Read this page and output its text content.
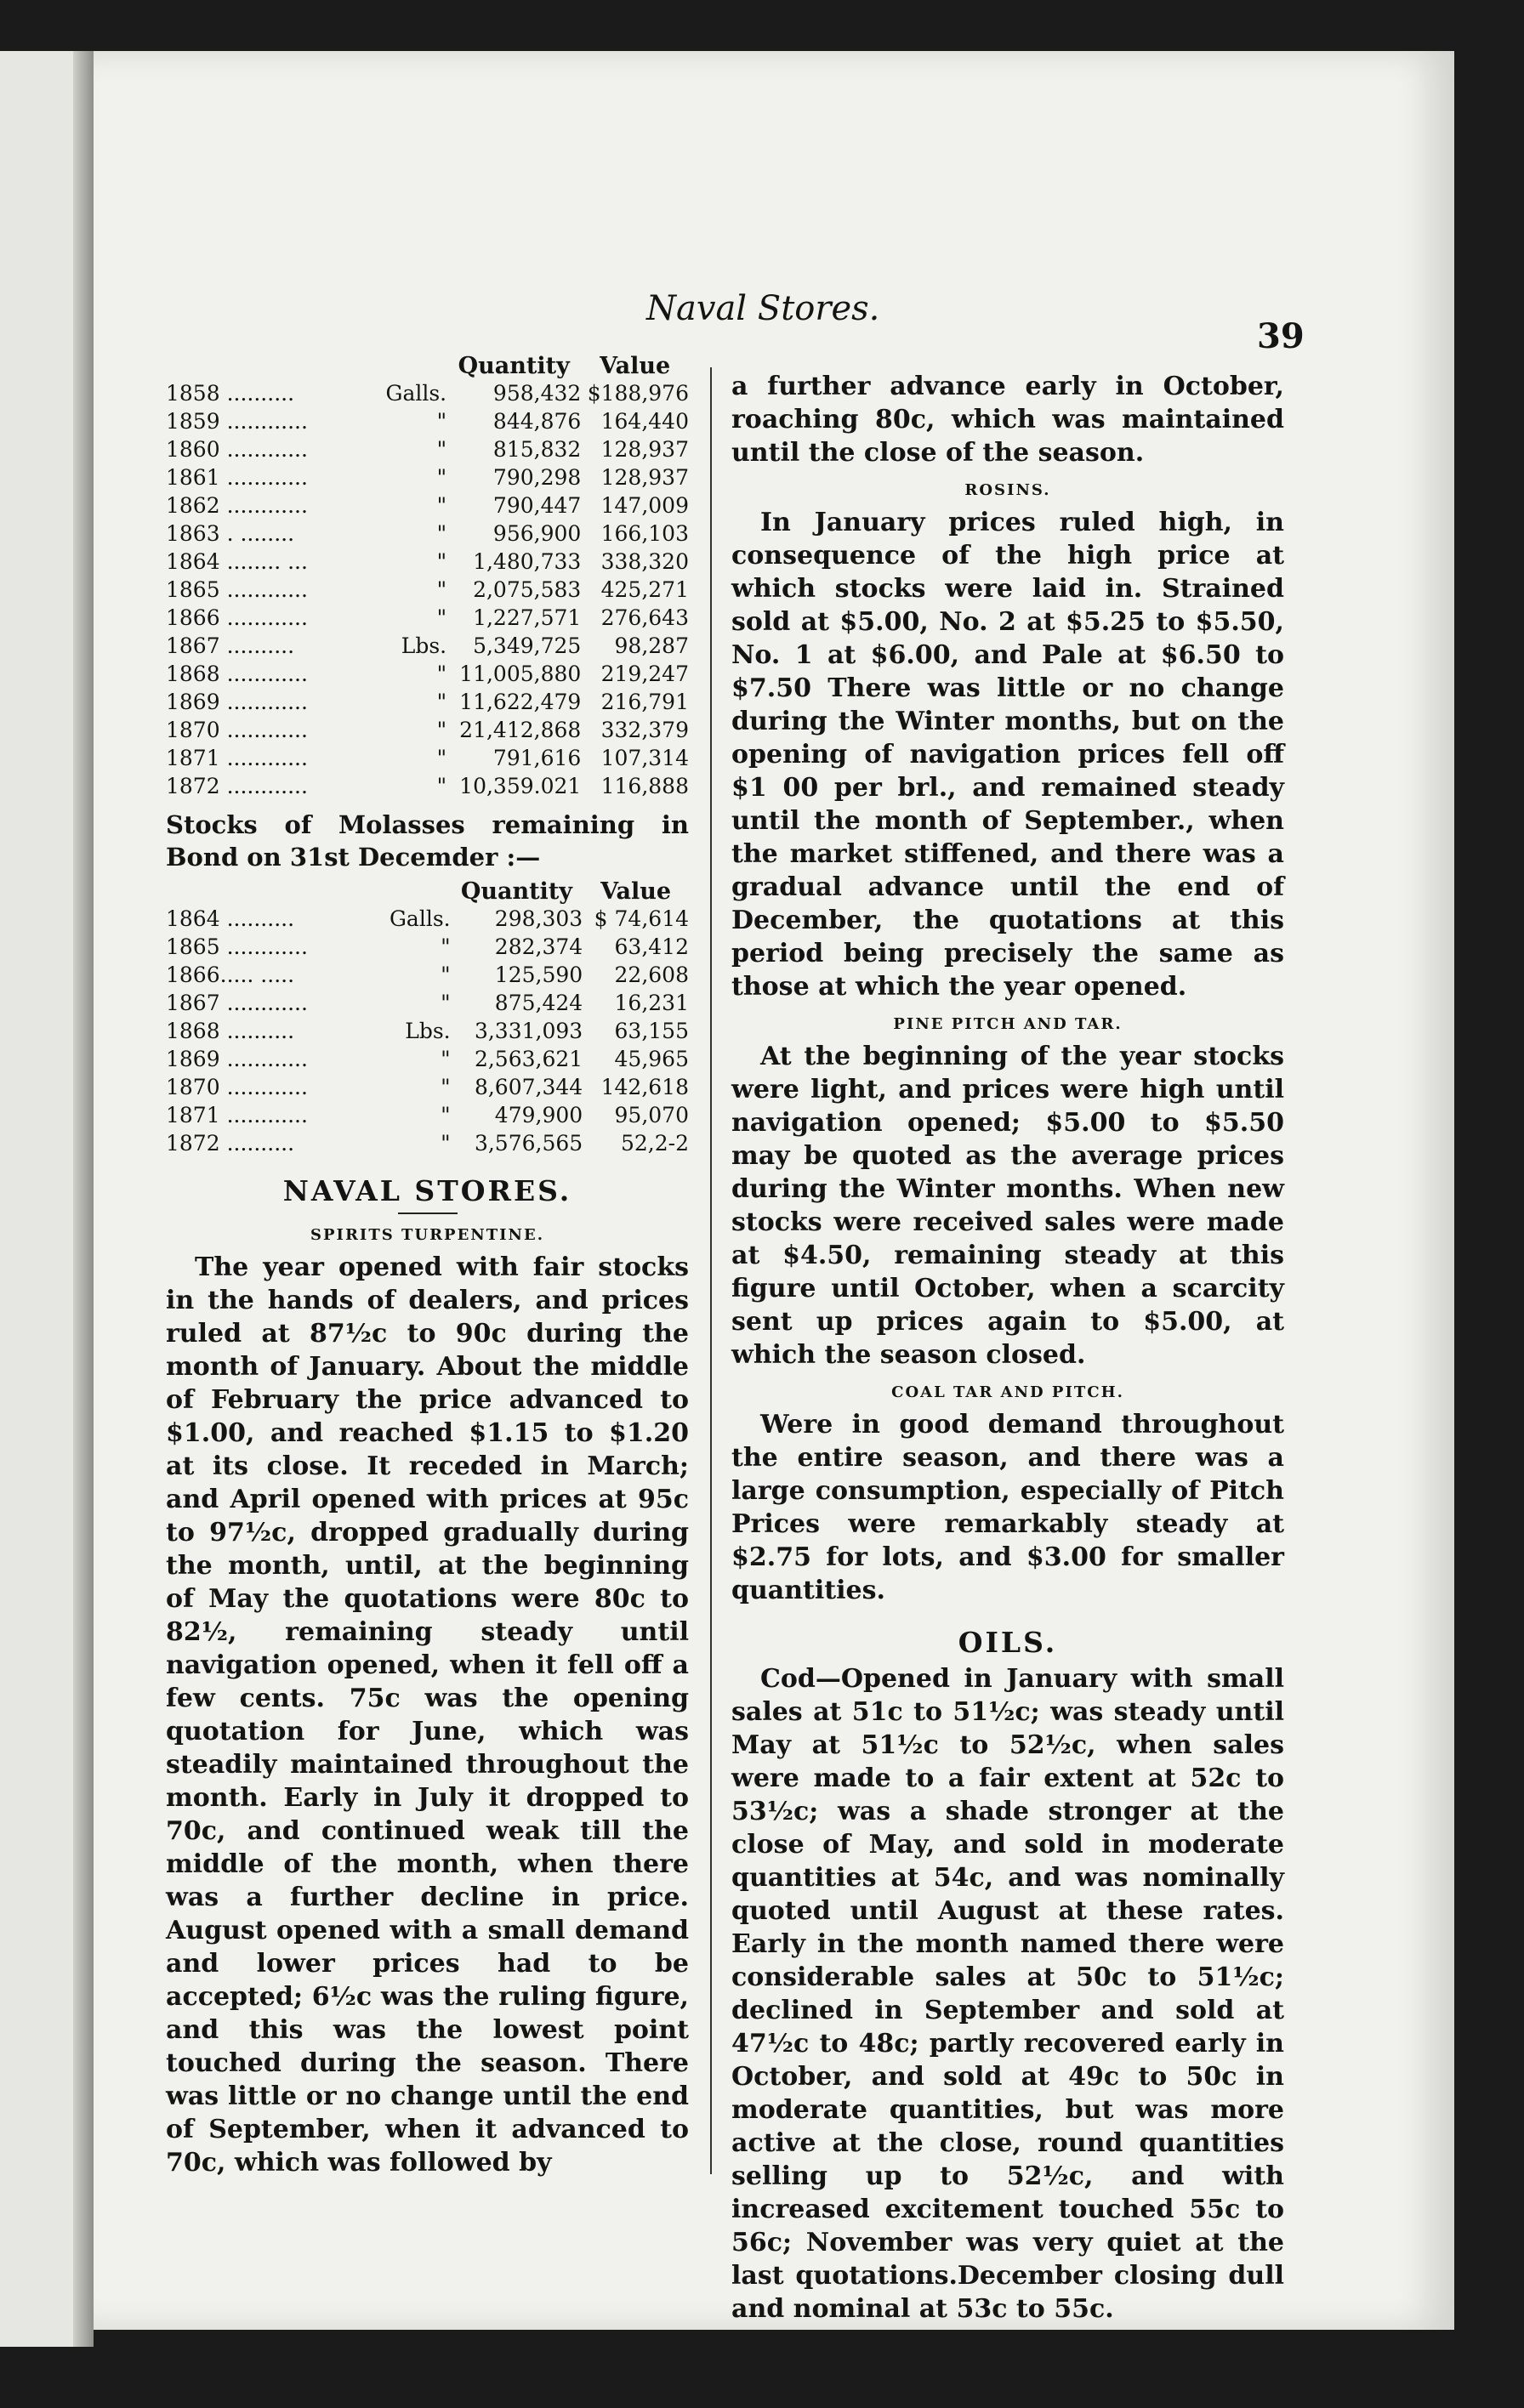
Naval Stores.
39
		Quantity	Value
1858 ..........	Galls.	958,432	$188,976
1859 ............	"	844,876	164,440
1860 ............	"	815,832	128,937
1861 ............	"	790,298	128,937
1862 ............	"	790,447	147,009
1863 . ........	"	956,900	166,103
1864 ........ ...	"	1,480,733	338,320
1865 ............	"	2,075,583	425,271
1866 ............	"	1,227,571	276,643
1867 ..........	Lbs.	5,349,725	98,287
1868 ............	"	11,005,880	219,247
1869 ............	"	11,622,479	216,791
1870 ............	"	21,412,868	332,379
1871 ............	"	791,616	107,314
1872 ............	"	10,359.021	116,888

Stocks of Molasses remaining in Bond on 31st Decemder :—

		Quantity	Value
1864 ..........	Galls.	298,303	$ 74,614
1865 ............	"	282,374	63,412
1866..... .....	"	125,590	22,608
1867 ............	"	875,424	16,231
1868 ..........	Lbs.	3,331,093	63,155
1869 ............	"	2,563,621	45,965
1870 ............	"	8,607,344	142,618
1871 ............	"	479,900	95,070
1872 ..........	"	3,576,565	52,2-2
NAVAL STORES.
SPIRITS TURPENTINE.

The year opened with fair stocks in the hands of dealers, and prices ruled at 87½c to 90c during the month of January. About the middle of February the price advanced to $1.00, and reached $1.15 to $1.20 at its close. It receded in March; and April opened with prices at 95c to 97½c, dropped gradually during the month, until, at the beginning of May the quotations were 80c to 82½, remaining steady until navigation opened, when it fell off a few cents. 75c was the opening quotation for June, which was steadily maintained throughout the month. Early in July it dropped to 70c, and continued weak till the middle of the month, when there was a further decline in price. August opened with a small demand and lower prices had to be accepted; 6½c was the ruling figure, and this was the lowest point touched during the season. There was little or no change until the end of September, when it advanced to 70c, which was followed by

a further advance early in October, roaching 80c, which was maintained until the close of the season.

ROSINS.

In January prices ruled high, in consequence of the high price at which stocks were laid in. Strained sold at $5.00, No. 2 at $5.25 to $5.50, No. 1 at $6.00, and Pale at $6.50 to $7.50 There was little or no change during the Winter months, but on the opening of navigation prices fell off $1 00 per brl., and remained steady until the month of September., when the market stiffened, and there was a gradual advance until the end of December, the quotations at this period being precisely the same as those at which the year opened.

PINE PITCH AND TAR.

At the beginning of the year stocks were light, and prices were high until navigation opened; $5.00 to $5.50 may be quoted as the average prices during the Winter months. When new stocks were received sales were made at $4.50, remaining steady at this figure until October, when a scarcity sent up prices again to $5.00, at which the season closed.

COAL TAR AND PITCH.

Were in good demand throughout the entire season, and there was a large consumption, especially of Pitch Prices were remarkably steady at $2.75 for lots, and $3.00 for smaller quantities.

OILS.

Cod—Opened in January with small sales at 51c to 51½c; was steady until May at 51½c to 52½c, when sales were made to a fair extent at 52c to 53½c; was a shade stronger at the close of May, and sold in moderate quantities at 54c, and was nominally quoted until August at these rates. Early in the month named there were considerable sales at 50c to 51½c; declined in September and sold at 47½c to 48c; partly recovered early in October, and sold at 49c to 50c in moderate quantities, but was more active at the close, round quantities selling up to 52½c, and with increased excitement touched 55c to 56c; November was very quiet at the last quotations.December closing dull and nominal at 53c to 55c.
